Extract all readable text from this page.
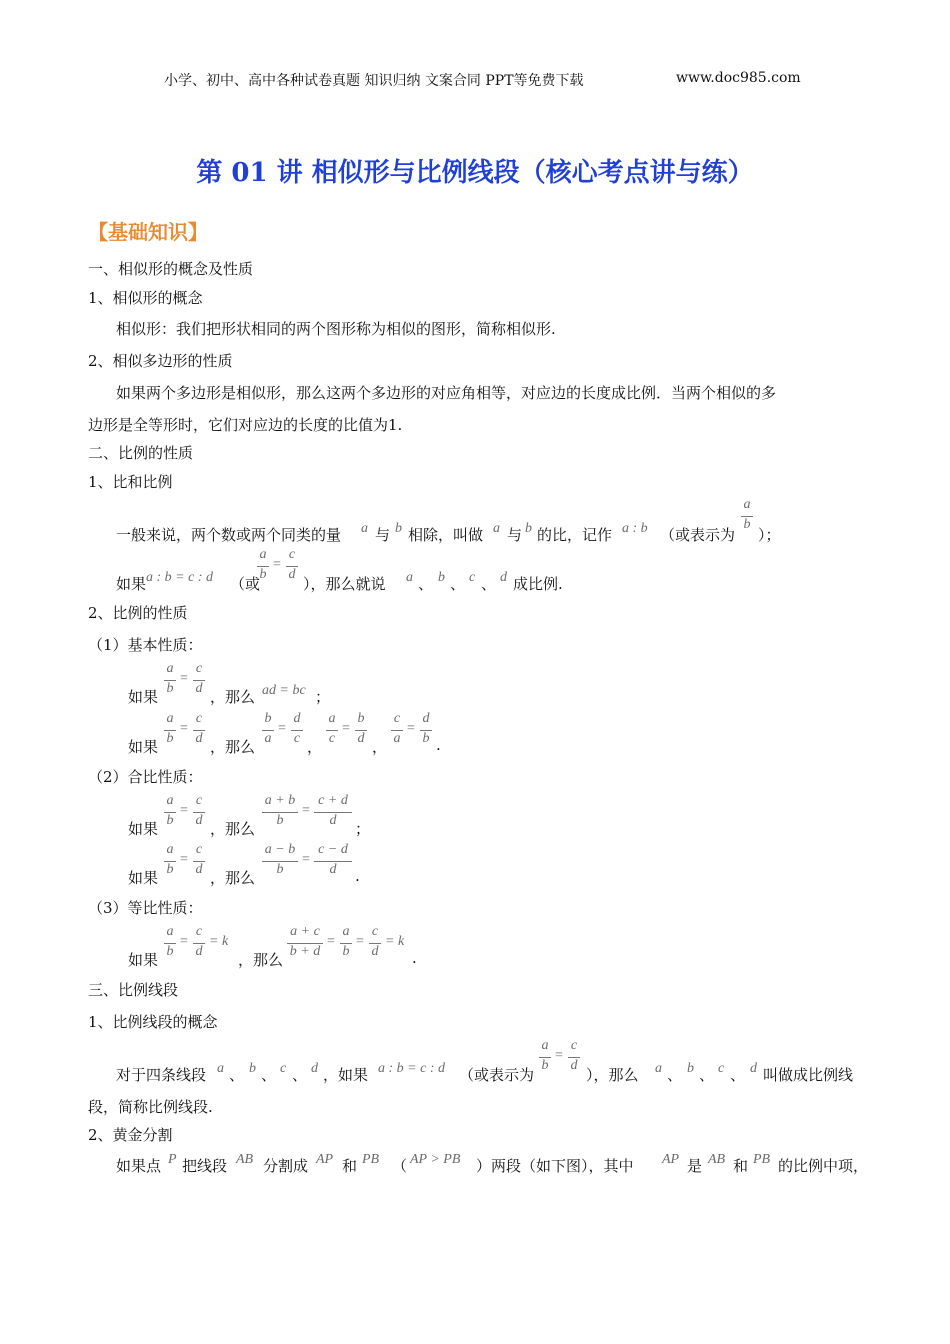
小学、初中、高中各种试卷真题 知识归纳 文案合同 PPT等免费下载	www.doc985.com
第 01 讲 相似形与比例线段（核心考点讲与练）
【基础知识】
一、相似形的概念及性质
1、相似形的概念
相似形：我们把形状相同的两个图形称为相似的图形，简称相似形.
2、相似多边形的性质
如果两个多边形是相似形，那么这两个多边形的对应角相等，对应边的长度成比例．当两个相似的多
边形是全等形时，它们对应边的长度的比值为1.
二、比例的性质
1、比和比例
一般来说，两个数或两个同类的量 a 与 b 相除，叫做 a 与 b 的比，记作 a : b （或表示为
a
b
）；
如果 a : b = c : d （或
a
b
=
c
d
），那么就说 a 、 b 、 c 、 d 成比例.
2、比例的性质
（1）基本性质：
如果
a
b
=
c
d ，那么 ad = bc ；
如果
a
b
=
c
d ，那么
b
a
=
d
c ，
a
c
=
b
d ，
c
a
=
d
b .
（2）合比性质：
如果
a
b
=
c
d ，那么
a + b
b
=
c + d
d	；
如果
a
b
=
c
d ，那么
a − b
b
=
c − d
d	.
（3）等比性质：
如果
a
b
=
c
d
= k
，那么
a + c
b + d
=
a
b
=
c
d
= k
.
三、比例线段
1、比例线段的概念
对于四条线段 a 、 b 、 c 、 d ，如果 a : b = c : d （或表示为
a
b
=
c
d
），那么 a 、 b 、 c 、 d 叫做成比例线
段，简称比例线段.
2、黄金分割
如果点 P 把线段 AB 分割成 AP 和 PB （ AP > PB ）两段（如下图），其中 AP 是 AB 和 PB 的比例中项，
